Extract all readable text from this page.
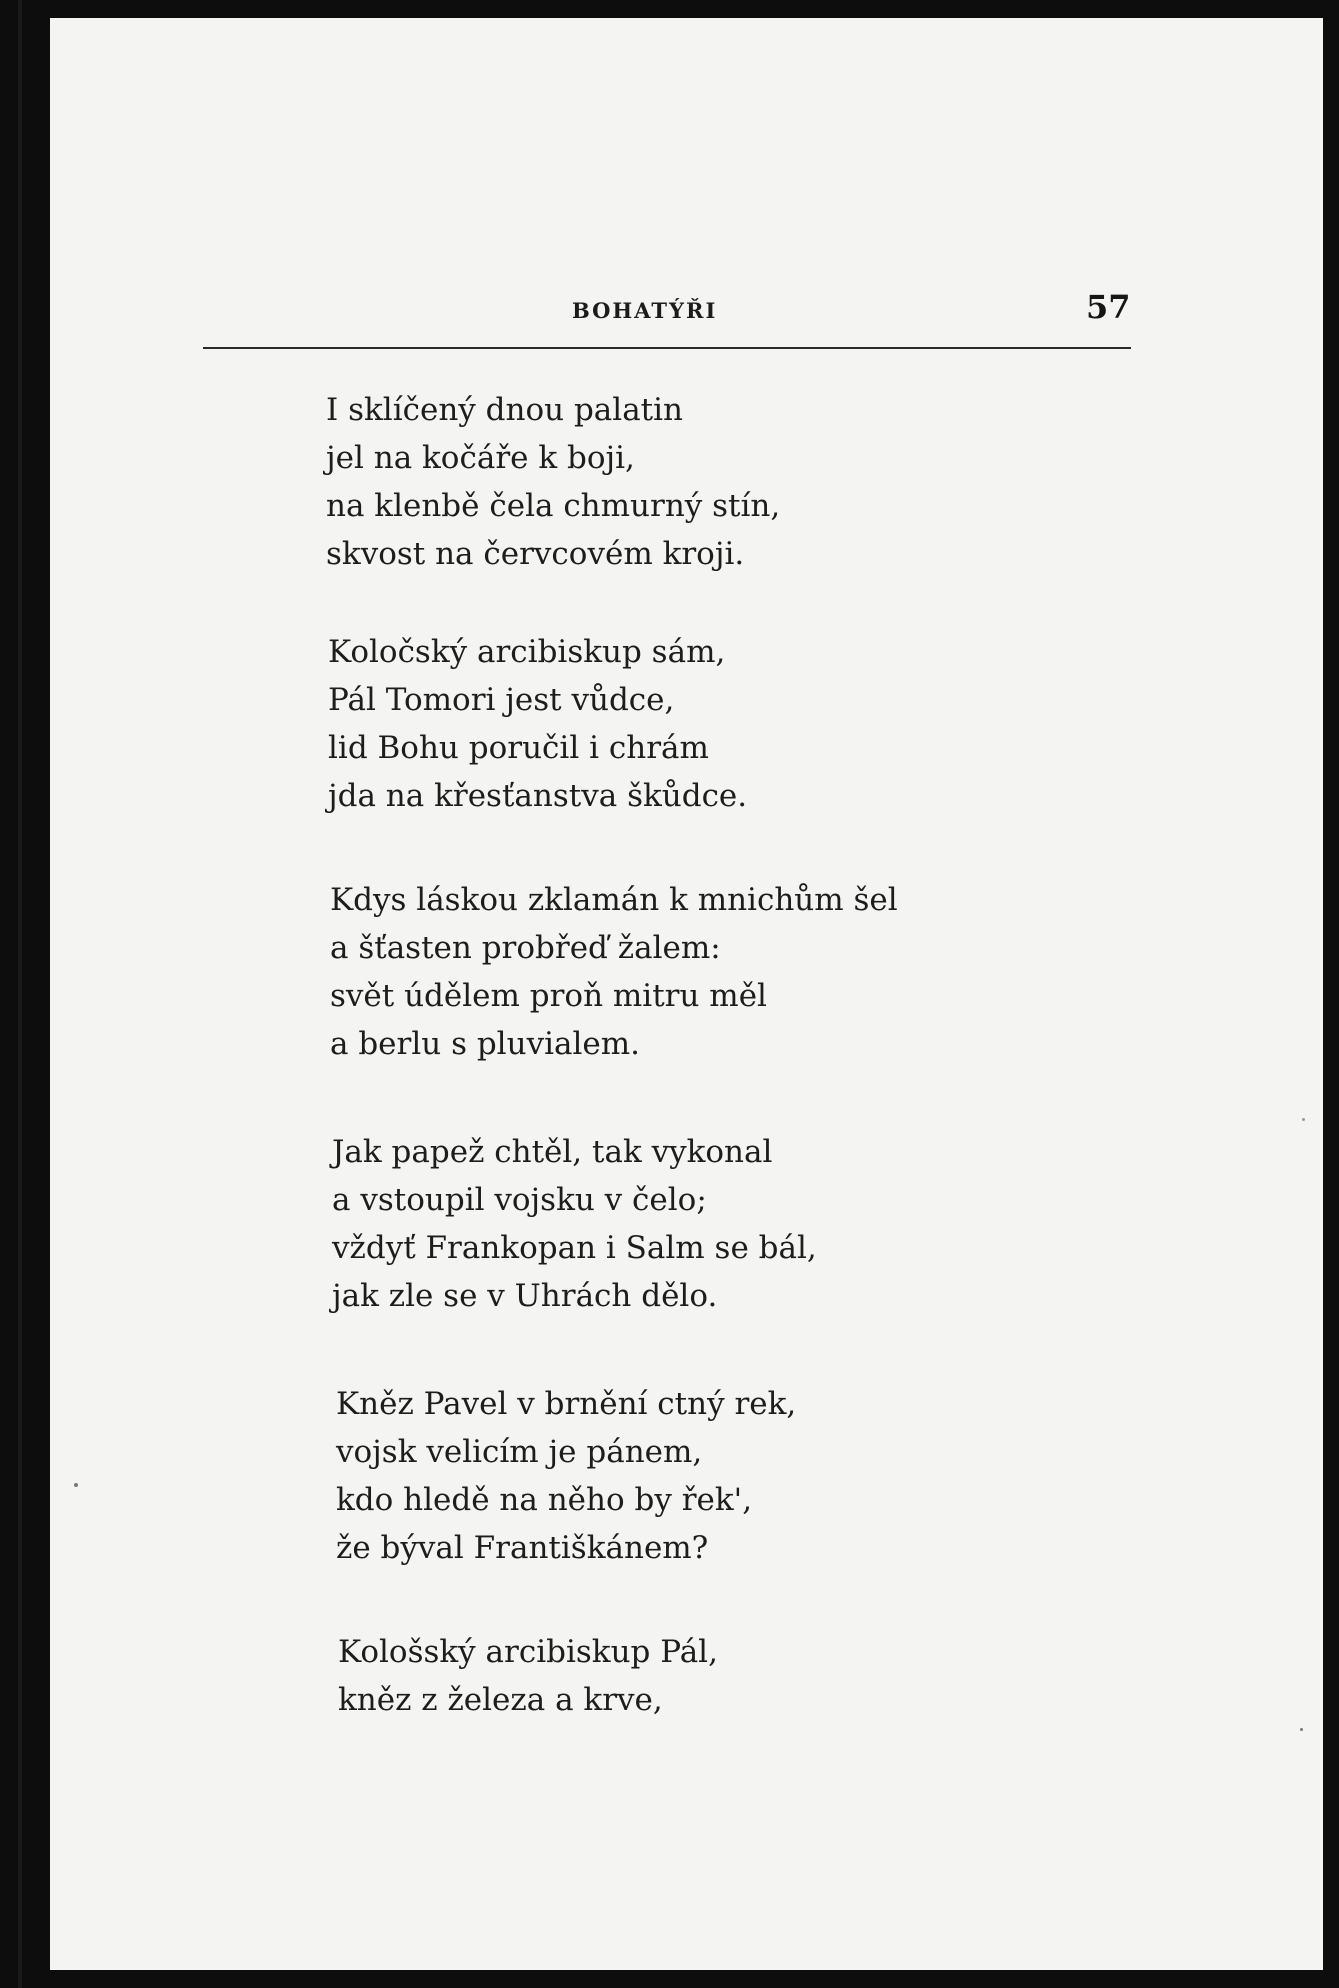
BOHATÝŘI	57
I sklíčený dnou palatin
jel na kočáře k boji,
na klenbě čela chmurný stín,
skvost na červcovém kroji.
Koločský arcibiskup sám,
Pál Tomori jest vůdce,
lid Bohu poručil i chrám
jda na křesťanstva škůdce.
Kdys láskou zklamán k mnichům šel
a šťasten probřeď žalem:
svět údělem proň mitru měl
a berlu s pluvialem.
Jak papež chtěl, tak vykonal
a vstoupil vojsku v čelo;
vždyť Frankopan i Salm se bál,
jak zle se v Uhrách dělo.
Kněz Pavel v brnění ctný rek,
vojsk velicím je pánem,
kdo hledě na něho by řek',
že býval Františkánem?
Kološský arcibiskup Pál,
kněz z železa a krve,
